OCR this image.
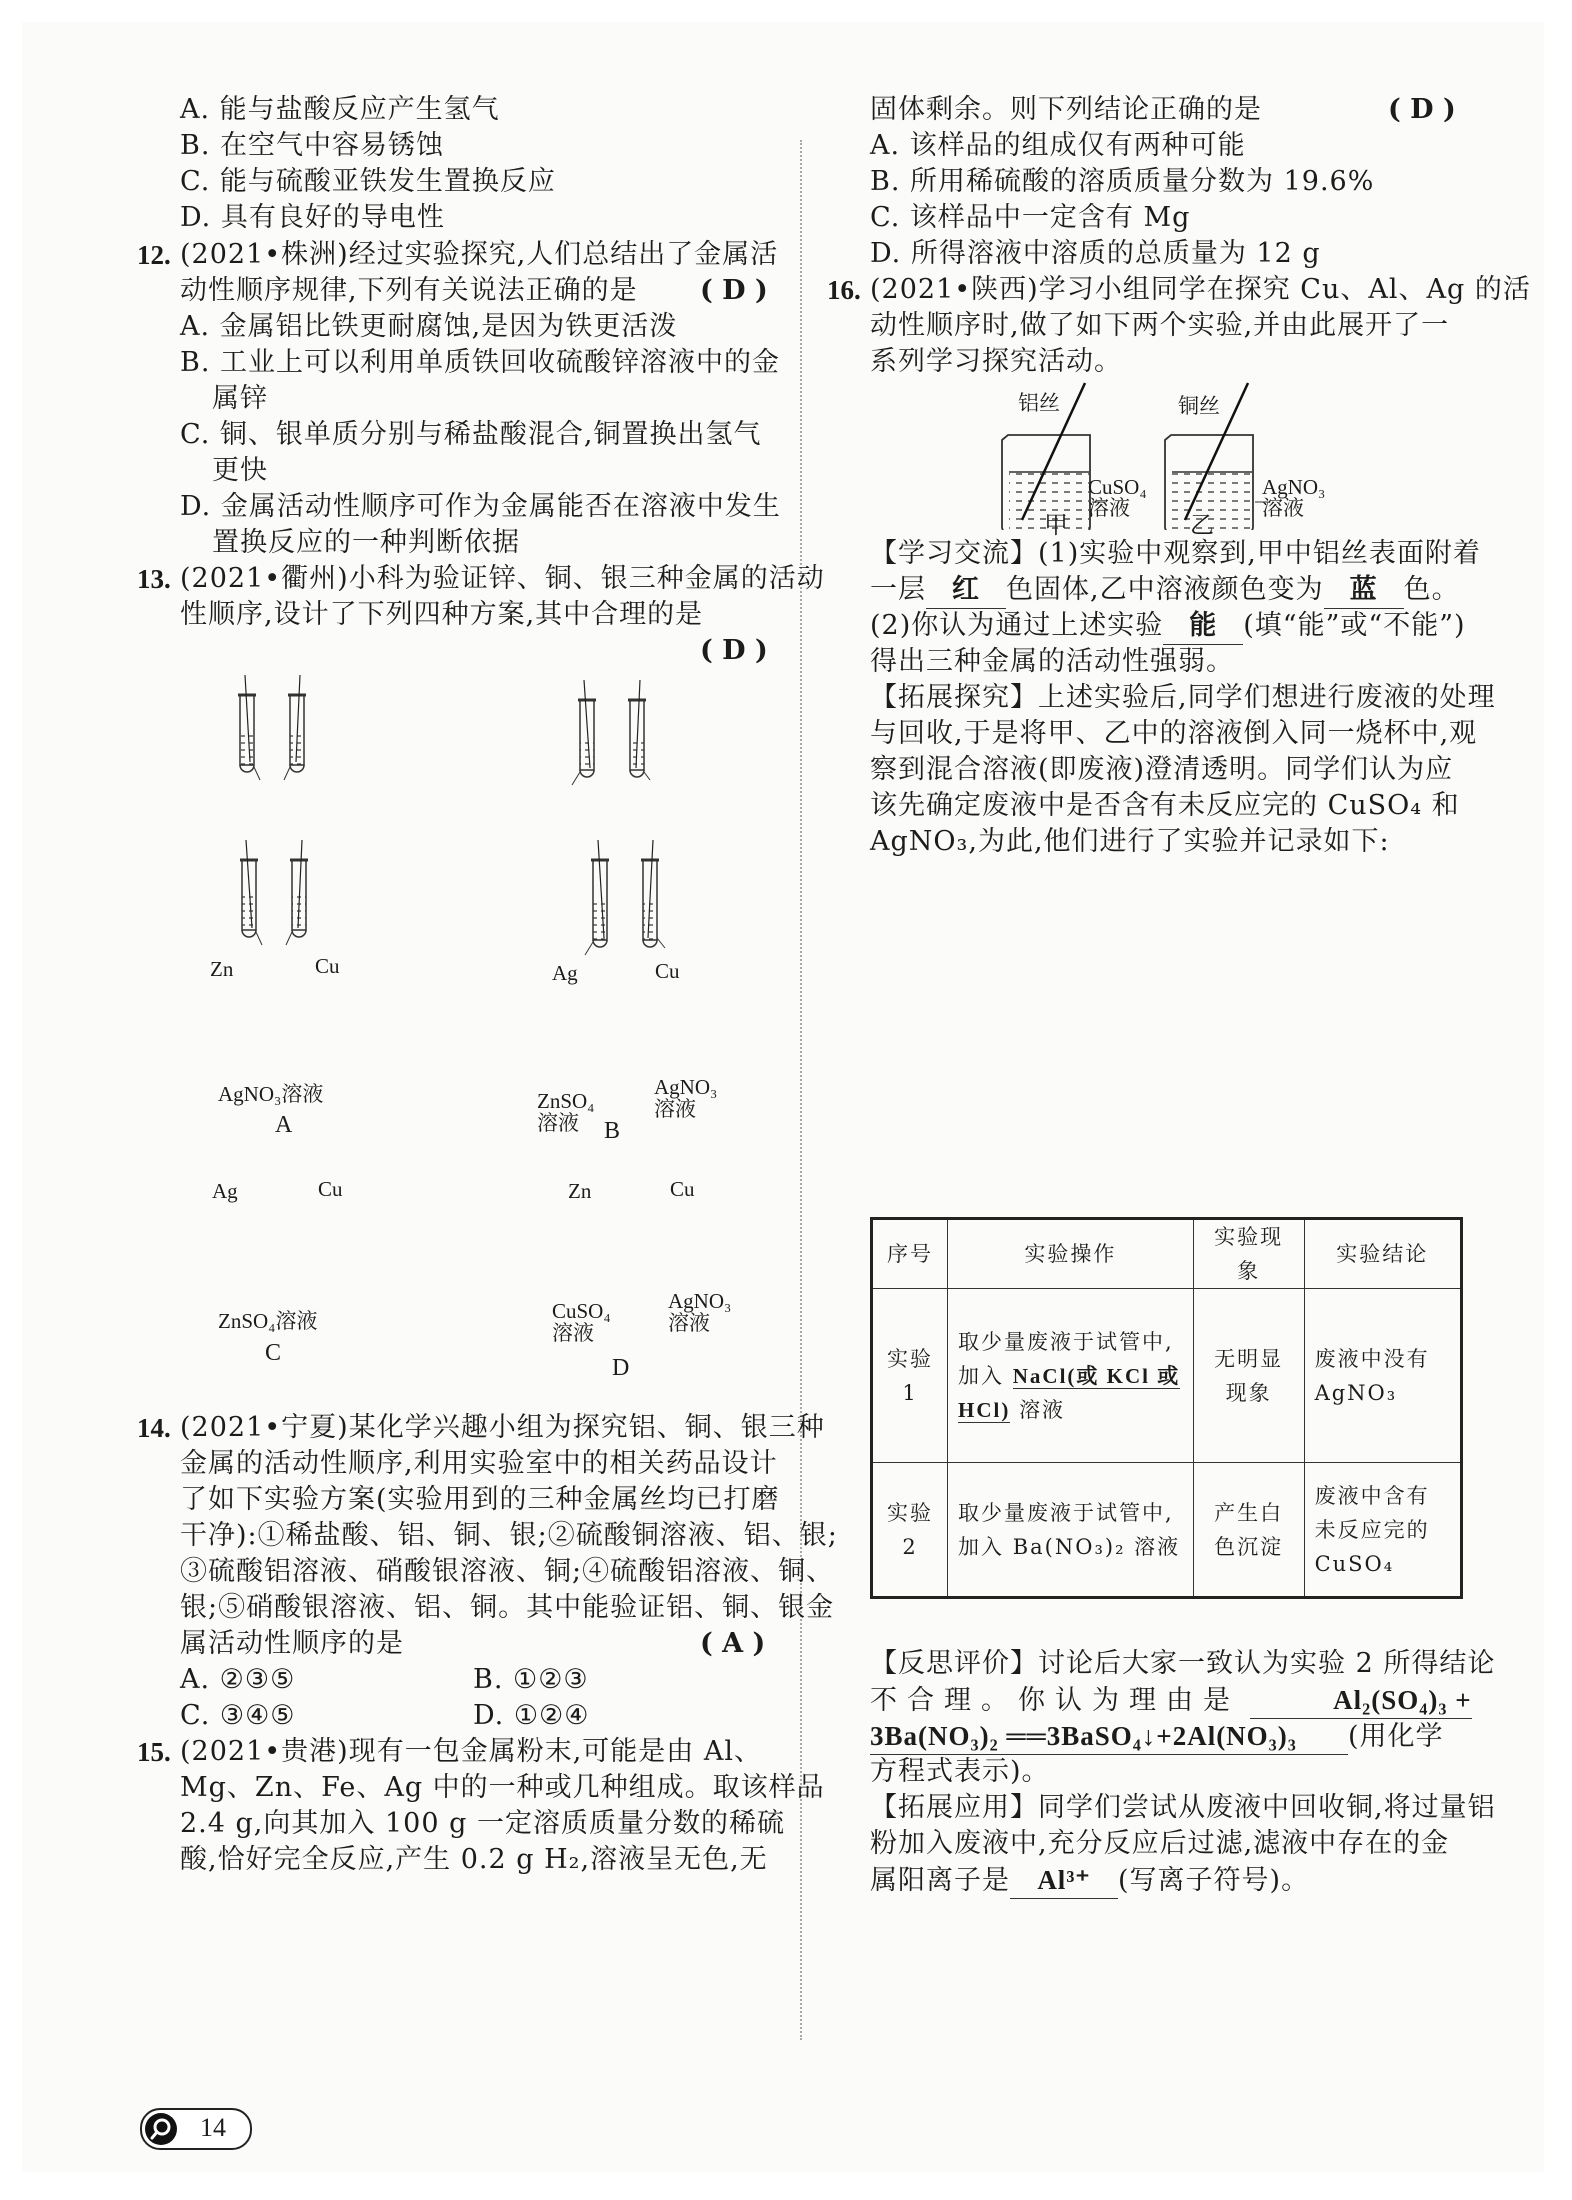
A. 能与盐酸反应产生氢气
B. 在空气中容易锈蚀
C. 能与硫酸亚铁发生置换反应
D. 具有良好的导电性
12. (2021•株洲)经过实验探究,人们总结出了金属活
动性顺序规律,下列有关说法正确的是 ( D )
A. 金属铝比铁更耐腐蚀,是因为铁更活泼
B. 工业上可以利用单质铁回收硫酸锌溶液中的金
属锌
C. 铜、银单质分别与稀盐酸混合,铜置换出氢气
更快
D. 金属活动性顺序可作为金属能否在溶液中发生
置换反应的一种判断依据
13. (2021•衢州)小科为验证锌、铜、银三种金属的活动
性顺序,设计了下列四种方案,其中合理的是
( D )
Zn	Cu
AgNO₃溶液
A
Ag	Cu
ZnSO₄ 溶液
AgNO₃ 溶液
B
Ag	Cu
ZnSO₄溶液
C
Zn	Cu
CuSO₄ 溶液
AgNO₃ 溶液
D
14. (2021•宁夏)某化学兴趣小组为探究铝、铜、银三种
金属的活动性顺序,利用实验室中的相关药品设计
了如下实验方案(实验用到的三种金属丝均已打磨
干净):①稀盐酸、铝、铜、银;②硫酸铜溶液、铝、银;
③硫酸铝溶液、硝酸银溶液、铜;④硫酸铝溶液、铜、
银;⑤硝酸银溶液、铝、铜。其中能验证铝、铜、银金
属活动性顺序的是	( A )
A. ②③⑤	B. ①②③
C. ③④⑤	D. ①②④
15. (2021•贵港)现有一包金属粉末,可能是由 Al、
Mg、Zn、Fe、Ag 中的一种或几种组成。取该样品
2.4 g,向其加入 100 g 一定溶质质量分数的稀硫
酸,恰好完全反应,产生 0.2 g H₂,溶液呈无色,无
固体剩余。则下列结论正确的是	( D )
A. 该样品的组成仅有两种可能
B. 所用稀硫酸的溶质质量分数为 19.6%
C. 该样品中一定含有 Mg
D. 所得溶液中溶质的总质量为 12 g
16. (2021•陕西)学习小组同学在探究 Cu、Al、Ag 的活
动性顺序时,做了如下两个实验,并由此展开了一
系列学习探究活动。
铝丝	铜丝
CuSO₄
溶液
甲
AgNO₃
溶液
乙
【学习交流】(1)实验中观察到,甲中铝丝表面附着
一层 红 色固体,乙中溶液颜色变为 蓝 色。
(2)你认为通过上述实验 能 (填“能”或“不能”)
得出三种金属的活动性强弱。
【拓展探究】上述实验后,同学们想进行废液的处理
与回收,于是将甲、乙中的溶液倒入同一烧杯中,观
察到混合溶液(即废液)澄清透明。同学们认为应
该先确定废液中是否含有未反应完的 CuSO₄ 和
AgNO₃,为此,他们进行了实验并记录如下:
序号	实验操作	实验现象	实验结论
实验 1	取少量废液于试管中,加入 NaCl(或 KCl 或 HCl) 溶液	无明显现象	废液中没有 AgNO₃
实验 2	取少量废液于试管中,加入 Ba(NO₃)₂ 溶液	产生白色沉淀	废液中含有未反应完的 CuSO₄
【反思评价】讨论后大家一致认为实验 2 所得结论
不合理。你认为理由是	Al₂(SO₄)₃ +
3Ba(NO₃)₂ ══3BaSO₄↓+2Al(NO₃)₃ (用化学
方程式表示)。
【拓展应用】同学们尝试从废液中回收铜,将过量铝
粉加入废液中,充分反应后过滤,滤液中存在的金
属阳离子是 Al³⁺ (写离子符号)。
14
